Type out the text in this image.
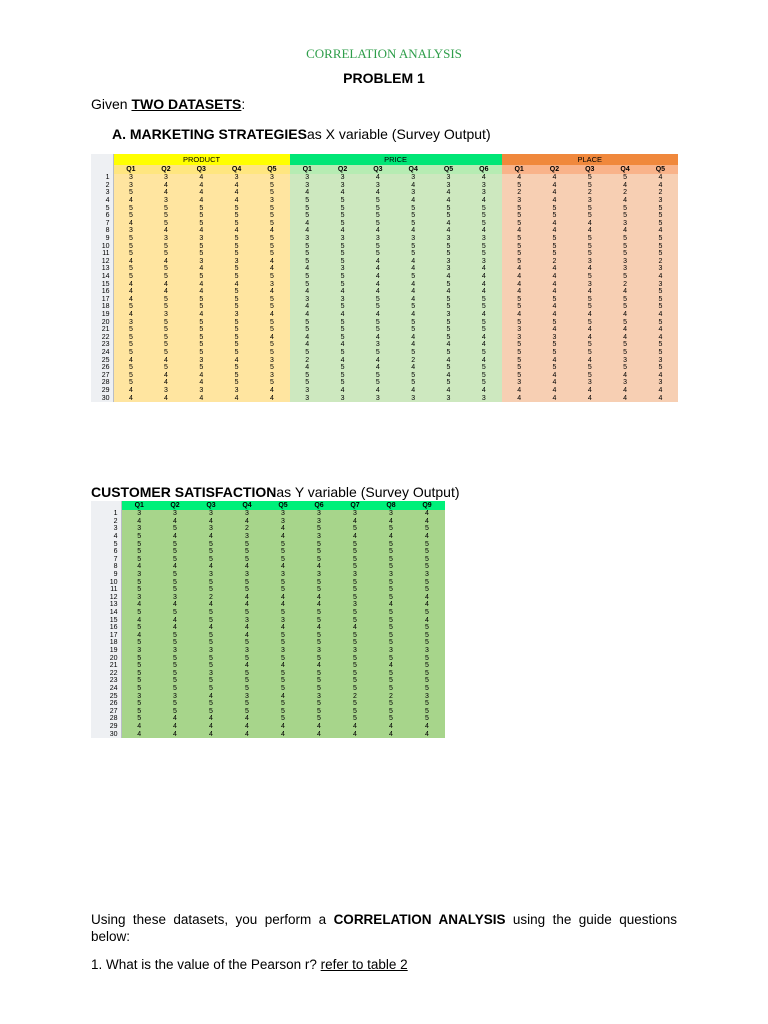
CORRELATION ANALYSIS
PROBLEM 1
Given TWO DATASETS:
A. MARKETING STRATEGIESas X variable (Survey Output)
	PRODUCT					PRICE						PLACE				
	Q1	Q2	Q3	Q4	Q5	Q1	Q2	Q3	Q4	Q5	Q6	Q1	Q2	Q3	Q4	Q5
1	3	3	4	3	3	3	3	4	3	3	4	4	4	5	5	4
2	3	4	4	4	5	3	3	3	4	3	3	5	4	5	4	4
3	5	4	4	4	5	4	4	4	3	4	3	2	4	2	2	2
4	4	3	4	4	3	5	5	5	4	4	4	3	4	3	4	3
5	5	5	5	5	5	5	5	5	5	5	5	5	5	5	5	5
6	5	5	5	5	5	5	5	5	5	5	5	5	5	5	5	5
7	4	5	5	5	5	4	5	5	5	4	5	5	4	4	3	5
8	3	4	4	4	4	4	4	4	4	4	4	4	4	4	4	4
9	5	3	3	5	5	3	3	3	3	3	3	5	5	5	5	5
10	5	5	5	5	5	5	5	5	5	5	5	5	5	5	5	5
11	5	5	5	5	5	5	5	5	5	5	5	5	5	5	5	5
12	4	4	3	3	4	5	5	4	4	3	3	5	2	3	3	2
13	5	5	4	5	4	4	3	4	4	3	4	4	4	4	3	3
14	5	5	5	5	5	5	5	4	5	4	4	4	4	5	5	4
15	4	4	4	4	3	5	5	4	4	5	4	4	4	3	2	3
16	4	4	4	5	4	4	4	4	4	4	4	4	4	4	4	5
17	4	5	5	5	5	3	3	5	4	5	5	5	5	5	5	5
18	5	5	5	5	5	4	5	5	5	5	5	5	4	5	5	5
19	4	3	4	3	4	4	4	4	4	3	4	4	4	4	4	4
20	3	5	5	5	5	5	5	5	5	5	5	5	5	5	5	5
21	5	5	5	5	5	5	5	5	5	5	5	3	4	4	4	4
22	5	5	5	5	4	4	5	4	4	5	4	3	3	4	4	4
23	5	5	5	5	5	4	4	3	4	4	4	5	5	5	5	5
24	5	5	5	5	5	5	5	5	5	5	5	5	5	5	5	5
25	4	4	3	4	3	2	4	4	2	4	4	5	4	4	3	3
26	5	5	5	5	5	4	5	4	4	5	5	5	5	5	5	5
27	5	4	4	5	3	5	5	5	5	4	5	5	4	5	4	4
28	5	4	4	5	5	5	5	5	5	5	5	3	4	3	3	3
29	4	3	3	3	4	3	4	4	4	4	4	4	4	4	4	4
30	4	4	4	4	4	3	3	3	3	3	3	4	4	4	4	4
CUSTOMER SATISFACTIONas Y variable (Survey Output)
	Q1	Q2	Q3	Q4	Q5	Q6	Q7	Q8	Q9
1	3	3	3	3	3	3	3	3	4
2	4	4	4	4	3	3	4	4	4
3	3	5	3	2	4	5	5	5	5
4	5	4	4	3	4	3	4	4	4
5	5	5	5	5	5	5	5	5	5
6	5	5	5	5	5	5	5	5	5
7	5	5	5	5	5	5	5	5	5
8	4	4	4	4	4	4	5	5	5
9	3	5	3	3	3	3	3	3	3
10	5	5	5	5	5	5	5	5	5
11	5	5	5	5	5	5	5	5	5
12	3	3	2	4	4	4	5	5	4
13	4	4	4	4	4	4	3	4	4
14	5	5	5	5	5	5	5	5	5
15	4	4	5	3	3	5	5	5	4
16	5	4	4	4	4	4	4	5	5
17	4	5	5	4	5	5	5	5	5
18	5	5	5	5	5	5	5	5	5
19	3	3	3	3	3	3	3	3	3
20	5	5	5	5	5	5	5	5	5
21	5	5	5	4	4	4	5	4	5
22	5	5	3	5	5	5	5	5	5
23	5	5	5	5	5	5	5	5	5
24	5	5	5	5	5	5	5	5	5
25	3	3	4	3	4	3	2	2	3
26	5	5	5	5	5	5	5	5	5
27	5	5	5	5	5	5	5	5	5
28	5	4	4	4	5	5	5	5	5
29	4	4	4	4	4	4	4	4	4
30	4	4	4	4	4	4	4	4	4
Using these datasets, you perform a CORRELATION ANALYSIS using the guide questions below:
1. What is the value of the Pearson r? refer to table 2
